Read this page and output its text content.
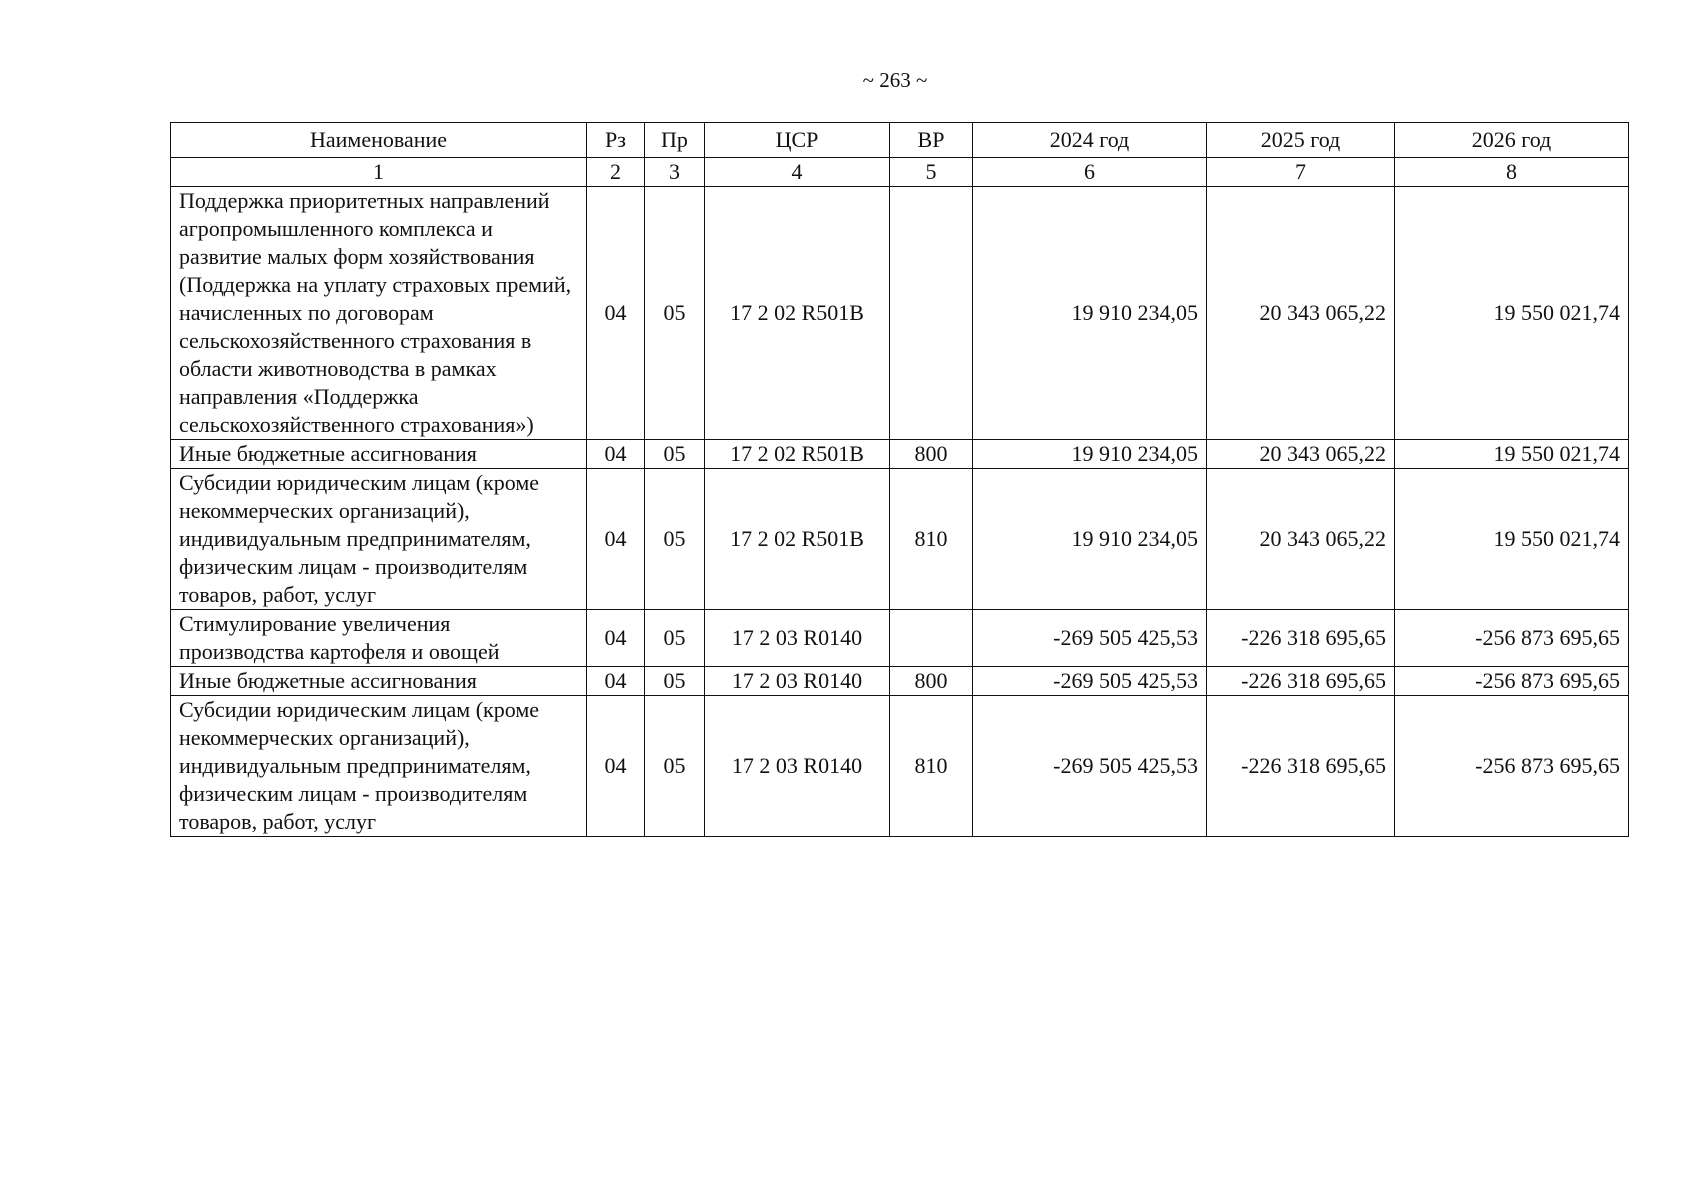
~ 263 ~
Наименование	Рз	Пр	ЦСР	ВР	2024 год	2025 год	2026 год
1	2	3	4	5	6	7	8
Поддержка приоритетных направлений агропромышленного комплекса и развитие малых форм хозяйствования (Поддержка на уплату страховых премий, начисленных по договорам сельскохозяйственного страхования в области животноводства в рамках направления «Поддержка сельскохозяйственного страхования»)	04	05	17 2 02 R501B		19 910 234,05	20 343 065,22	19 550 021,74
Иные бюджетные ассигнования	04	05	17 2 02 R501B	800	19 910 234,05	20 343 065,22	19 550 021,74
Субсидии юридическим лицам (кроме некоммерческих организаций), индивидуальным предпринимателям, физическим лицам - производителям товаров, работ, услуг	04	05	17 2 02 R501B	810	19 910 234,05	20 343 065,22	19 550 021,74
Стимулирование увеличения производства картофеля и овощей	04	05	17 2 03 R0140		-269 505 425,53	-226 318 695,65	-256 873 695,65
Иные бюджетные ассигнования	04	05	17 2 03 R0140	800	-269 505 425,53	-226 318 695,65	-256 873 695,65
Субсидии юридическим лицам (кроме некоммерческих организаций), индивидуальным предпринимателям, физическим лицам - производителям товаров, работ, услуг	04	05	17 2 03 R0140	810	-269 505 425,53	-226 318 695,65	-256 873 695,65
